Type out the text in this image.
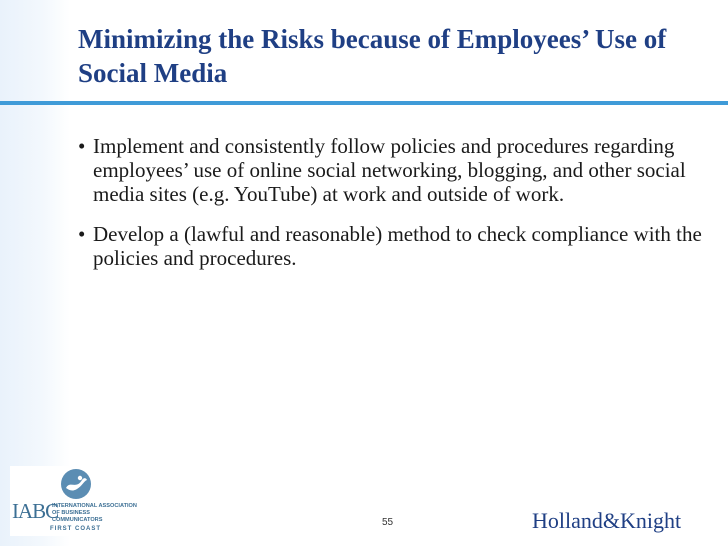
Minimizing the Risks because of Employees’ Use of Social Media
• Implement and consistently follow policies and procedures regarding employees’ use of online social networking, blogging, and other social media sites (e.g. YouTube) at work and outside of work.
• Develop a (lawful and reasonable) method to check compliance with the policies and procedures.
IABC
INTERNATIONAL ASSOCIATION OF BUSINESS COMMUNICATORS
FIRST COAST
55	Holland&Knight
